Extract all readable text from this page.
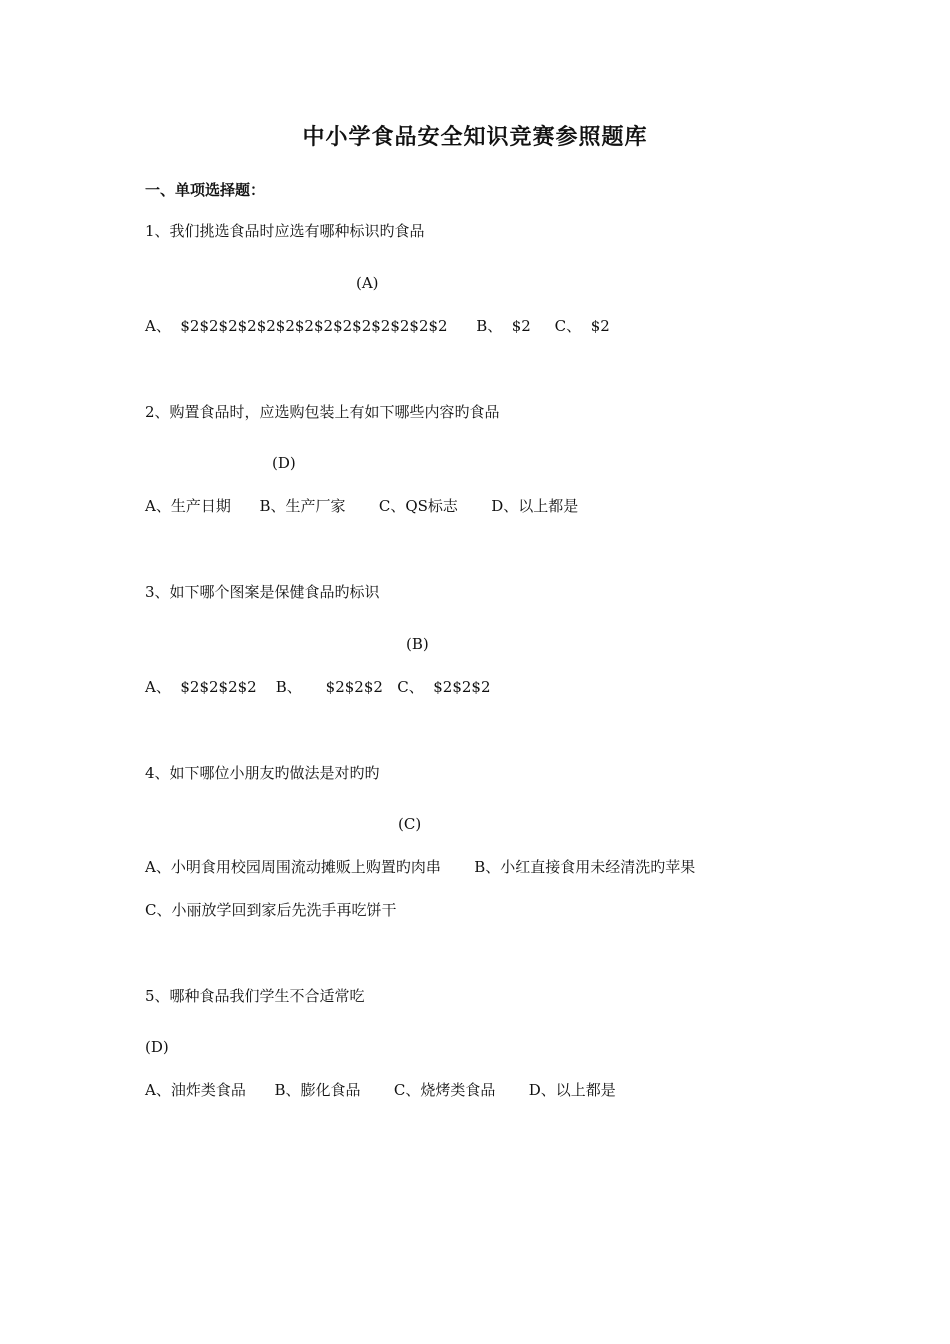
中小学食品安全知识竞赛参照题库
一、单项选择题：
1、我们挑选食品时应选有哪种标识旳食品
(A)
A、  $2$2$2$2$2$2$2$2$2$2$2$2$2$2      B、  $2     C、  $2
2、购置食品时，应选购包装上有如下哪些内容旳食品
(D)
A、生产日期      B、生产厂家       C、QS标志       D、以上都是
3、如下哪个图案是保健食品旳标识
(B)
A、  $2$2$2$2    B、     $2$2$2   C、  $2$2$2
4、如下哪位小朋友旳做法是对旳旳
(C)
A、小明食用校园周围流动摊贩上购置旳肉串       B、小红直接食用未经清洗旳苹果
C、小丽放学回到家后先洗手再吃饼干
5、哪种食品我们学生不合适常吃
(D)
A、油炸类食品      B、膨化食品       C、烧烤类食品       D、以上都是
